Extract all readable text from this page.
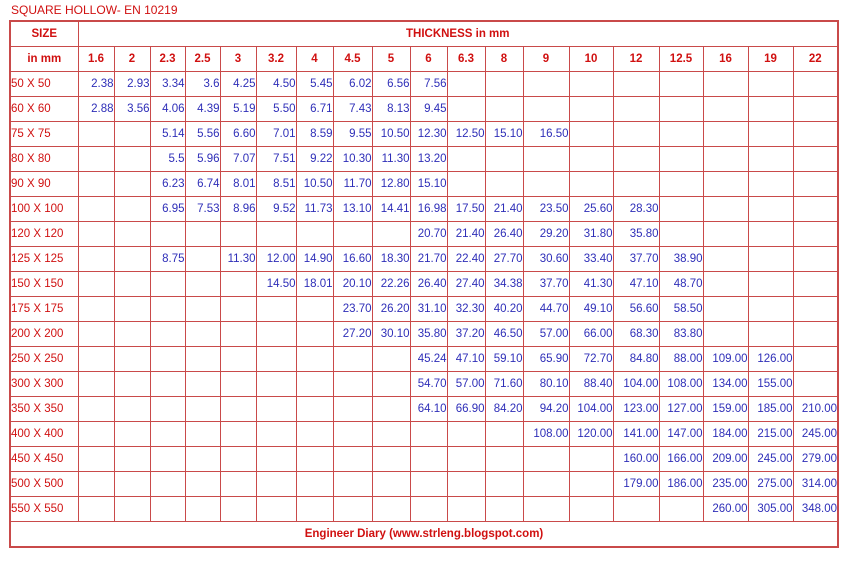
SQUARE HOLLOW- EN 10219
SIZE	THICKNESS in mm																		
in mm	1.6	2	2.3	2.5	3	3.2	4	4.5	5	6	6.3	8	9	10	12	12.5	16	19	22
50 X 50	2.38	2.93	3.34	3.6	4.25	4.50	5.45	6.02	6.56	7.56									
60 X 60	2.88	3.56	4.06	4.39	5.19	5.50	6.71	7.43	8.13	9.45									
75 X 75			5.14	5.56	6.60	7.01	8.59	9.55	10.50	12.30	12.50	15.10	16.50						
80 X 80			5.5	5.96	7.07	7.51	9.22	10.30	11.30	13.20									
90 X 90			6.23	6.74	8.01	8.51	10.50	11.70	12.80	15.10									
100 X 100			6.95	7.53	8.96	9.52	11.73	13.10	14.41	16.98	17.50	21.40	23.50	25.60	28.30				
120 X 120										20.70	21.40	26.40	29.20	31.80	35.80				
125 X 125			8.75		11.30	12.00	14.90	16.60	18.30	21.70	22.40	27.70	30.60	33.40	37.70	38.90			
150 X 150						14.50	18.01	20.10	22.26	26.40	27.40	34.38	37.70	41.30	47.10	48.70			
175 X 175								23.70	26.20	31.10	32.30	40.20	44.70	49.10	56.60	58.50			
200 X 200								27.20	30.10	35.80	37.20	46.50	57.00	66.00	68.30	83.80			
250 X 250										45.24	47.10	59.10	65.90	72.70	84.80	88.00	109.00	126.00	
300 X 300										54.70	57.00	71.60	80.10	88.40	104.00	108.00	134.00	155.00	
350 X 350										64.10	66.90	84.20	94.20	104.00	123.00	127.00	159.00	185.00	210.00
400 X 400													108.00	120.00	141.00	147.00	184.00	215.00	245.00
450 X 450															160.00	166.00	209.00	245.00	279.00
500 X 500															179.00	186.00	235.00	275.00	314.00
550 X 550																	260.00	305.00	348.00
Engineer Diary (www.strleng.blogspot.com)																			
